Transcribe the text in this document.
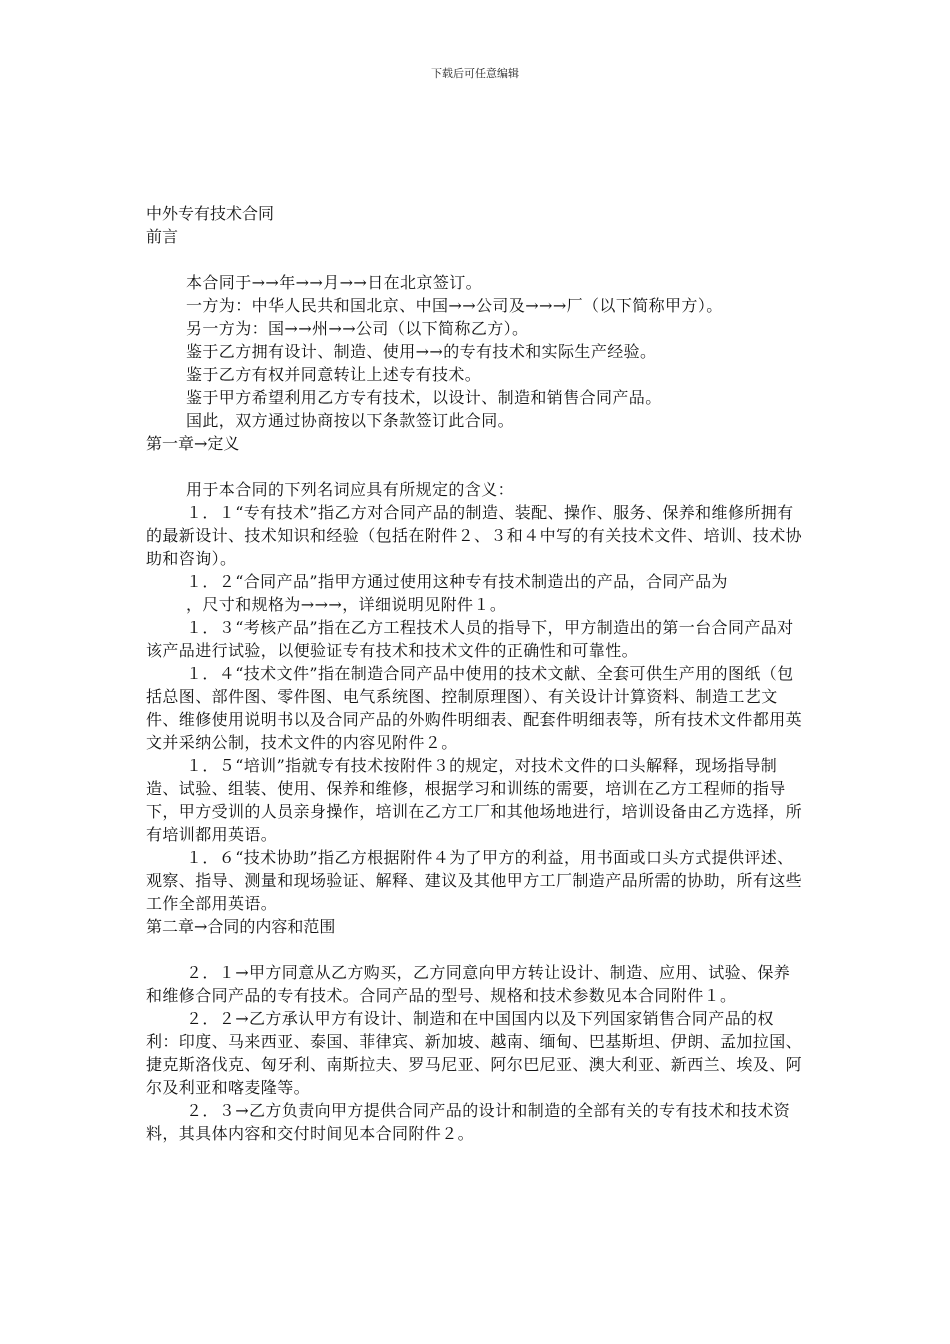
下载后可任意编辑
中外专有技术合同
前言

本合同于→→年→→月→→日在北京签订。

一方为：中华人民共和国北京、中国→→公司及→→→厂（以下简称甲方）。

另一方为：国→→州→→公司（以下简称乙方）。

鉴于乙方拥有设计、制造、使用→→的专有技术和实际生产经验。

鉴于乙方有权并同意转让上述专有技术。

鉴于甲方希望利用乙方专有技术，以设计、制造和销售合同产品。

国此，双方通过协商按以下条款签订此合同。

第一章→定义

用于本合同的下列名词应具有所规定的含义：

１．１“专有技术”指乙方对合同产品的制造、装配、操作、服务、保养和维修所拥有的最新设计、技术知识和经验（包括在附件２、３和４中写的有关技术文件、培训、技术协助和咨询）。

１．２“合同产品”指甲方通过使用这种专有技术制造出的产品，合同产品为

，尺寸和规格为→→→，详细说明见附件１。

１．３“考核产品”指在乙方工程技术人员的指导下，甲方制造出的第一台合同产品对该产品进行试验，以便验证专有技术和技术文件的正确性和可靠性。

１．４“技术文件”指在制造合同产品中使用的技术文献、全套可供生产用的图纸（包括总图、部件图、零件图、电气系统图、控制原理图）、有关设计计算资料、制造工艺文件、维修使用说明书以及合同产品的外购件明细表、配套件明细表等，所有技术文件都用英文并采纳公制，技术文件的内容见附件２。

１．５“培训”指就专有技术按附件３的规定，对技术文件的口头解释，现场指导制造、试验、组装、使用、保养和维修，根据学习和训练的需要，培训在乙方工程师的指导下，甲方受训的人员亲身操作，培训在乙方工厂和其他场地进行，培训设备由乙方选择，所有培训都用英语。

１．６“技术协助”指乙方根据附件４为了甲方的利益，用书面或口头方式提供评述、观察、指导、测量和现场验证、解释、建议及其他甲方工厂制造产品所需的协助，所有这些工作全部用英语。

第二章→合同的内容和范围

２．１→甲方同意从乙方购买，乙方同意向甲方转让设计、制造、应用、试验、保养和维修合同产品的专有技术。合同产品的型号、规格和技术参数见本合同附件１。

２．２→乙方承认甲方有设计、制造和在中国国内以及下列国家销售合同产品的权利：印度、马来西亚、泰国、菲律宾、新加坡、越南、缅甸、巴基斯坦、伊朗、孟加拉国、捷克斯洛伐克、匈牙利、南斯拉夫、罗马尼亚、阿尔巴尼亚、澳大利亚、新西兰、埃及、阿尔及利亚和喀麦隆等。

２．３→乙方负责向甲方提供合同产品的设计和制造的全部有关的专有技术和技术资料，其具体内容和交付时间见本合同附件２。
